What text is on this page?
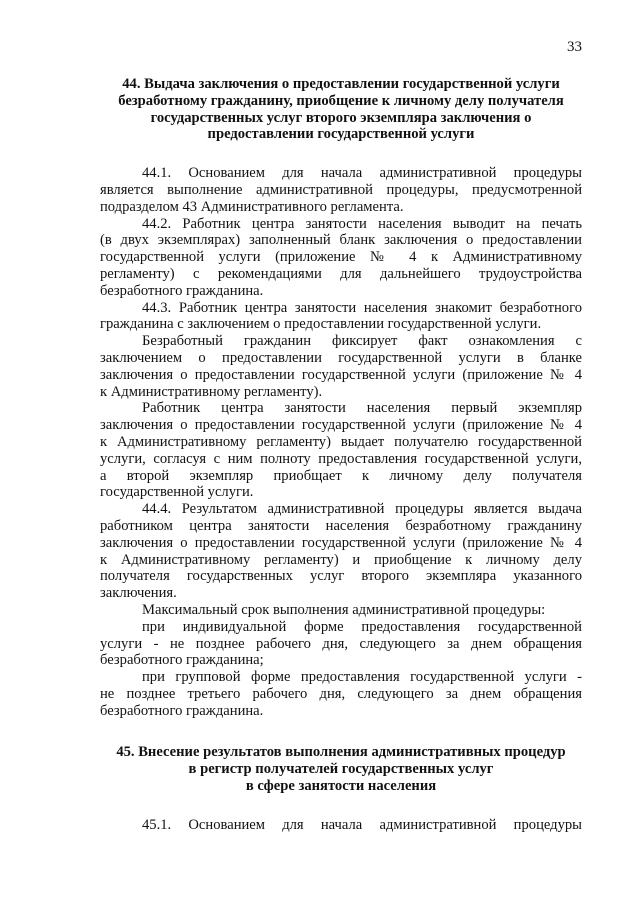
33
44. Выдача заключения о предоставлении государственной услуги
безработному гражданину, приобщение к личному делу получателя
государственных услуг второго экземпляра заключения о
предоставлении государственной услуги

44.1. Основанием для начала административной процедуры
является выполнение административной процедуры, предусмотренной
подразделом 43 Административного регламента.

44.2. Работник центра занятости населения выводит на печать
(в двух экземплярах) заполненный бланк заключения о предоставлении
государственной услуги (приложение № 4 к Административному
регламенту) с рекомендациями для дальнейшего трудоустройства
безработного гражданина.

44.3. Работник центра занятости населения знакомит безработного
гражданина с заключением о предоставлении государственной услуги.

Безработный гражданин фиксирует факт ознакомления с
заключением о предоставлении государственной услуги в бланке
заключения о предоставлении государственной услуги (приложение № 4
к Административному регламенту).

Работник центра занятости населения первый экземпляр
заключения о предоставлении государственной услуги (приложение № 4
к Административному регламенту) выдает получателю государственной
услуги, согласуя с ним полноту предоставления государственной услуги,
а второй экземпляр приобщает к личному делу получателя
государственной услуги.

44.4. Результатом административной процедуры является выдача
работником центра занятости населения безработному гражданину
заключения о предоставлении государственной услуги (приложение № 4
к Административному регламенту) и приобщение к личному делу
получателя государственных услуг второго экземпляра указанного
заключения.

Максимальный срок выполнения административной процедуры:

при индивидуальной форме предоставления государственной
услуги - не позднее рабочего дня, следующего за днем обращения
безработного гражданина;

при групповой форме предоставления государственной услуги -
не позднее третьего рабочего дня, следующего за днем обращения
безработного гражданина.

45. Внесение результатов выполнения административных процедур
в регистр получателей государственных услуг
в сфере занятости населения

45.1. Основанием для начала административной процедуры
